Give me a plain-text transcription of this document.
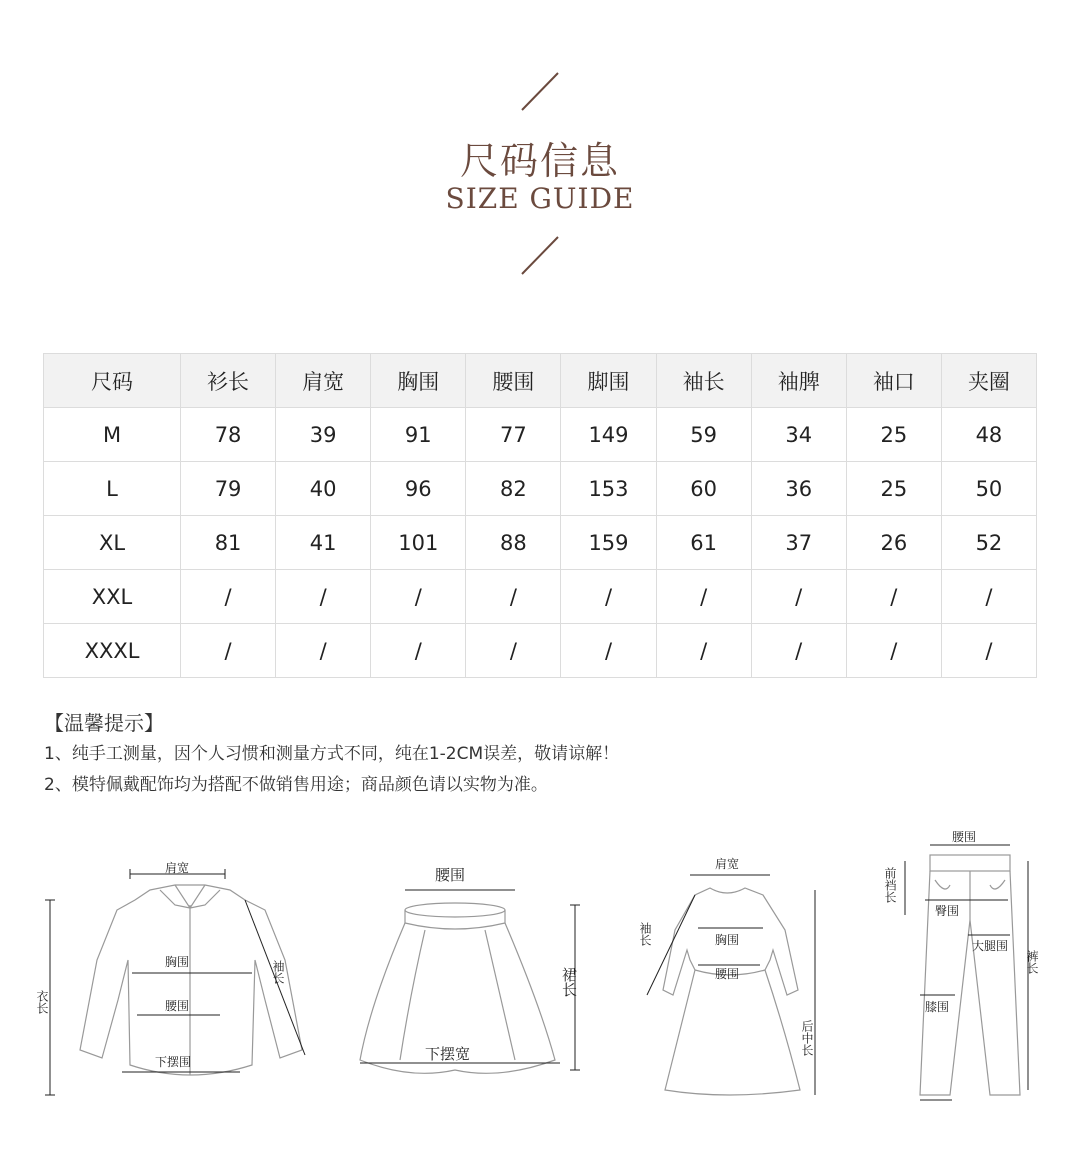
尺码信息
SIZE GUIDE
尺码	衫长	肩宽	胸围	腰围	脚围	袖长	袖脾	袖口	夹圈
M	78	39	91	77	149	59	34	25	48
L	79	40	96	82	153	60	36	25	50
XL	81	41	101	88	159	61	37	26	52
XXL	/	/	/	/	/	/	/	/	/
XXXL	/	/	/	/	/	/	/	/	/
【温馨提示】
1、纯手工测量，因个人习惯和测量方式不同，纯在1-2CM误差，敬请谅解！
2、模特佩戴配饰均为搭配不做销售用途；商品颜色请以实物为准。
肩宽
胸围
腰围
下摆围
衣长
袖长
腰围
下摆宽
裙长
肩宽
胸围
腰围
后中长
袖长
腰围
前裆长
臀围
大腿围
膝围
裤长
